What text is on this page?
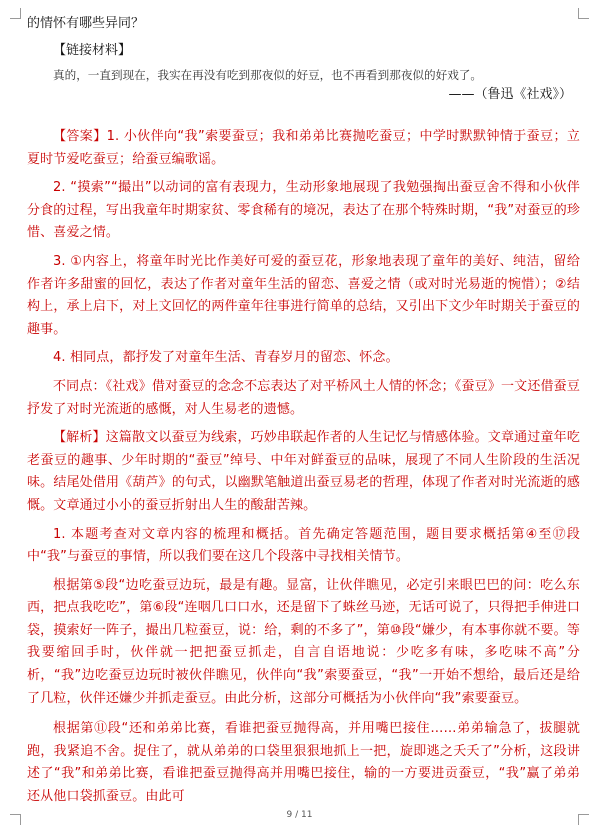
的情怀有哪些异同？

【链接材料】

真的，一直到现在，我实在再没有吃到那夜似的好豆，也不再看到那夜似的好戏了。

——（鲁迅《社戏》）

【答案】1. 小伙伴向“我”索要蚕豆；我和弟弟比赛抛吃蚕豆；中学时默默钟情于蚕豆；立夏时节爱吃蚕豆；给蚕豆编歌谣。

2. “摸索”“撮出”以动词的富有表现力，生动形象地展现了我勉强掏出蚕豆舍不得和小伙伴分食的过程，写出我童年时期家贫、零食稀有的境况，表达了在那个特殊时期，“我”对蚕豆的珍惜、喜爱之情。

3. ①内容上，将童年时光比作美好可爱的蚕豆花，形象地表现了童年的美好、纯洁，留给作者许多甜蜜的回忆，表达了作者对童年生活的留恋、喜爱之情（或对时光易逝的惋惜）；②结构上，承上启下，对上文回忆的两件童年往事进行简单的总结，又引出下文少年时期关于蚕豆的趣事。

4. 相同点，都抒发了对童年生活、青春岁月的留恋、怀念。

不同点：《社戏》借对蚕豆的念念不忘表达了对平桥风土人情的怀念；《蚕豆》一文还借蚕豆抒发了对时光流逝的感慨，对人生易老的遗憾。

【解析】这篇散文以蚕豆为线索，巧妙串联起作者的人生记忆与情感体验。文章通过童年吃老蚕豆的趣事、少年时期的“蚕豆”绰号、中年对鲜蚕豆的品味，展现了不同人生阶段的生活况味。结尾处借用《葫芦》的句式，以幽默笔触道出蚕豆易老的哲理，体现了作者对时光流逝的感慨。文章通过小小的蚕豆折射出人生的酸甜苦辣。

1. 本题考查对文章内容的梳理和概括。首先确定答题范围，题目要求概括第④至⑰段中“我”与蚕豆的事情，所以我们要在这几个段落中寻找相关情节。

根据第⑤段“边吃蚕豆边玩，最是有趣。显富，让伙伴瞧见，必定引来眼巴巴的问：吃么东西，把点我吃吃”，第⑥段“连咽几口口水，还是留下了蛛丝马迹，无话可说了，只得把手伸进口袋，摸索好一阵子，撮出几粒蚕豆，说：给，剩的不多了”，第⑩段“嫌少，有本事你就不要。等我要缩回手时，伙伴就一把把蚕豆抓走，自言自语地说：少吃多有味，多吃味不高”分析，“我”边吃蚕豆边玩时被伙伴瞧见，伙伴向“我”索要蚕豆，“我”一开始不想给，最后还是给了几粒，伙伴还嫌少并抓走蚕豆。由此分析，这部分可概括为小伙伴向“我”索要蚕豆。

根据第⑪段“还和弟弟比赛，看谁把蚕豆抛得高，并用嘴巴接住……弟弟输急了，拔腿就跑，我紧追不舍。捉住了，就从弟弟的口袋里狠狠地抓上一把，旋即逃之夭夭了”分析，这段讲述了“我”和弟弟比赛，看谁把蚕豆抛得高并用嘴巴接住，输的一方要进贡蚕豆，“我”赢了弟弟还从他口袋抓蚕豆。由此可

9 / 11
